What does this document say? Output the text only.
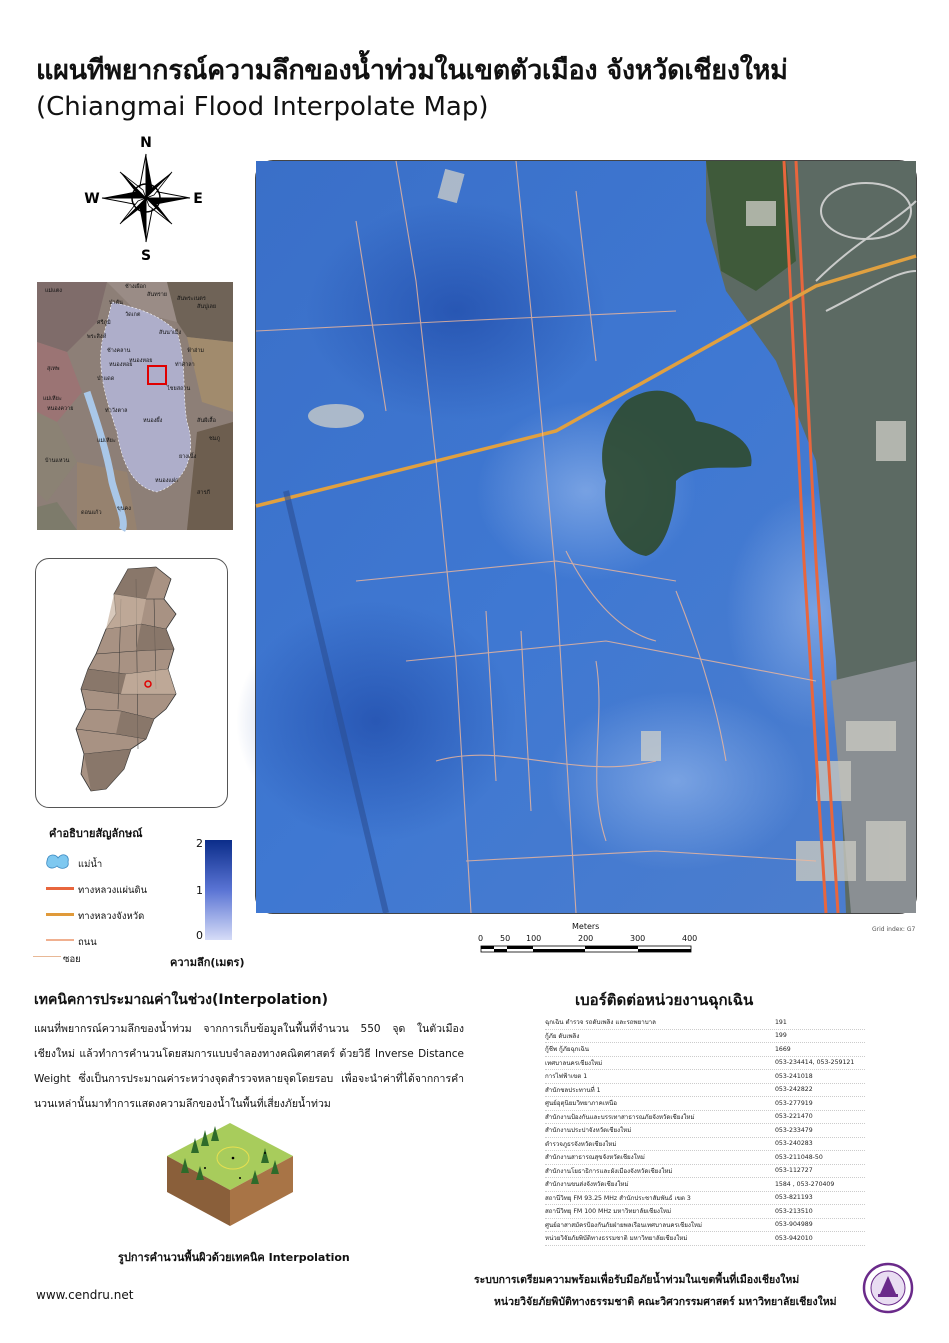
แผนทีพยากรณ์ความลึกของน้ำท่วมในเขตตัวเมือง จังหวัดเชียงใหม่
(Chiangmai Flood Interpolate Map)
N
S
E
W
แม่แตง
ช้างเผือก
สันทราย
สันพระเนตร
สันปูเลย
ศรีภูมิ
วัดเกต
พระสิงห์
สันนาเม็ง
ป่าตัน
ฟ้าฮ่าม
หนองหอย
ท่าศาลา
ไชยสถาน
ป่าแดด
หนองควาย
แม่เหียะ
ท่าวังตาล
หนองผึ้ง	สันผีเสื้อ
ยางเนิ้ง
สารภี
หนองแฝก
ชมภู
หนองหอย
สุเทพ
ช้างคลาน
บ้านแหวน
แม่เหียะ
ดอนแก้ว
ขุนคง
คำอธิบายสัญลักษณ์
แม่น้ำ
ทางหลวงแผ่นดิน
ทางหลวงจังหวัด
ถนน
ซอย
2
1
0
ความลึก(เมตร)
Meters
0 50 100	200	300	400
Grid index: G7
เทคนิคการประมาณค่าในช่วง(Interpolation)
แผนที่พยากรณ์ความลึกของน้ำท่วม จากการเก็บข้อมูลในพื้นที่จำนวน 550 จุด ในตัวเมืองเชียงใหม่ แล้วทำการคำนวนโดยสมการแบบจำลองทางคณิตศาสตร์ ด้วยวิธี Inverse Distance Weight ซึ่งเป็นการประมาณค่าระหว่างจุดสำรวจหลายจุดโดยรอบ เพื่อจะนำค่าที่ได้จากการคำนวนเหล่านั้นมาทำการแสดงความลึกของน้ำในพื้นที่เสี่ยงภัยน้ำท่วม
รูปการคำนวนพื้นผิวด้วยเทคนิค Interpolation
เบอร์ติดต่อหน่วยงานฉุกเฉิน
ฉุกเฉิน ตำรวจ รถดับเพลิง และรถพยาบาล	191
กู้ภัย ดับเพลิง	199
กู้ชีพ กู้ภัยฉุกเฉิน	1669
เทศบาลนครเชียงใหม่	053-234414, 053-259121
การไฟฟ้าเขต 1	053-241018
สำนักชลประทานที่ 1	053-242822
ศูนย์อุตุนิยมวิทยาภาคเหนือ	053-277919
สำนักงานป้องกันและบรรเทาสาธารณภัยจังหวัดเชียงใหม่	053-221470
สำนักงานประปาจังหวัดเชียงใหม่	053-233479
ตำรวจภูธรจังหวัดเชียงใหม่	053-240283
สำนักงานสาธารณสุขจังหวัดเชียงใหม่	053-211048-50
สำนักงานโยธาธิการและผังเมืองจังหวัดเชียงใหม่	053-112727
สำนักงานขนส่งจังหวัดเชียงใหม่	1584 , 053-270409
สถานีวิทยุ FM 93.25 MHz สำนักประชาสัมพันธ์ เขต 3	053-821193
สถานีวิทยุ FM 100 MHz มหาวิทยาลัยเชียงใหม่	053-213510
ศูนย์อาสาสมัครป้องกันภัยฝ่ายพลเรือนเทศบาลนครเชียงใหม่	053-904989
หน่วยวิจัยภัยพิบัติทางธรรมชาติ มหาวิทยาลัยเชียงใหม่	053-942010
ระบบการเตรียมความพร้อมเพื่อรับมือภัยน้ำท่วมในเขตพื้นที่เมืองเชียงใหม่
หน่วยวิจัยภัยพิบัติทางธรรมชาติ คณะวิศวกรรมศาสตร์ มหาวิทยาลัยเชียงใหม่
www.cendru.net
